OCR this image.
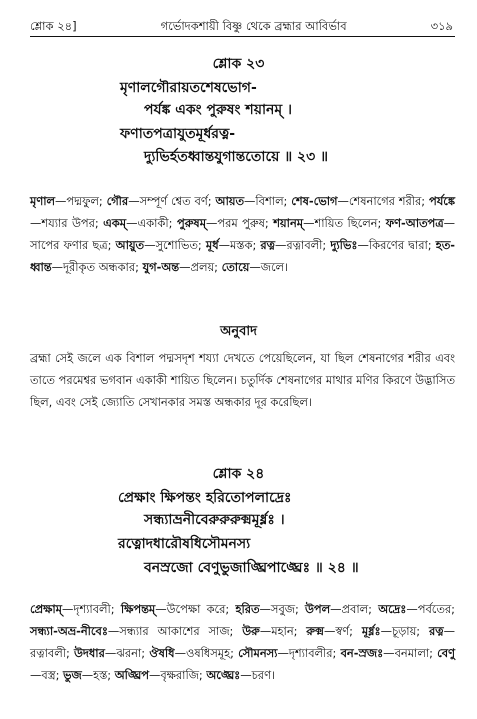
শ্লোক ২৪]	গর্ভোদকশায়ী বিষ্ণু থেকে ব্রহ্মার আবির্ভাব	৩১৯
শ্লোক ২৩
মৃণালগৌরায়তশেষভোগ-
পর্যঙ্ক একং পুরুষং শয়ানম্ ।
ফণাতপত্রাযুতমূর্ধরত্ন-
দ্যুভির্হতধ্বান্তযুগান্ততোয়ে ॥ ২৩ ॥
মৃণাল—পদ্মফুল; গৌর—সম্পূর্ণ শ্বেত বর্ণ; আয়ত—বিশাল; শেষ-ভোগ—শেষনাগের শরীর; পর্যঙ্কে—শয্যার উপর; একম্—একাকী; পুরুষম্—পরম পুরুষ; শয়ানম্—শায়িত ছিলেন; ফণ-আতপত্র—সাপের ফণার ছত্র; আয়ুত—সুশোভিত; মূর্ধ—মস্তক; রত্ন—রত্নাবলী; দ্যুভিঃ—কিরণের দ্বারা; হত-ধ্বান্ত—দূরীকৃত অন্ধকার; যুগ-অন্ত—প্রলয়; তোয়ে—জলে।
অনুবাদ
ব্রহ্মা সেই জলে এক বিশাল পদ্মসদৃশ শয্যা দেখতে পেয়েছিলেন, যা ছিল শেষনাগের শরীর এবং তাতে পরমেশ্বর ভগবান একাকী শায়িত ছিলেন। চতুর্দিক শেষনাগের মাথার মণির কিরণে উদ্ভাসিত ছিল, এবং সেই জ্যোতি সেখানকার সমস্ত অন্ধকার দূর করেছিল।
শ্লোক ২৪
প্রেক্ষাং ক্ষিপন্তং হরিতোপলাদ্রেঃ
সন্ধ্যাভ্রনীবেরুরুরুক্মমূর্ধ্নঃ ।
রত্নোদধারৌষধিসৌমনস্য
বনস্রজো বেণুভুজাঙ্ঘ্রিপাঙ্ঘ্রেঃ ॥ ২৪ ॥
প্রেক্ষাম্—দৃশ্যাবলী; ক্ষিপন্তম্—উপেক্ষা করে; হরিত—সবুজ; উপল—প্রবাল; অদ্রেঃ—পর্বতের; সন্ধ্যা-অভ্র-নীবেঃ—সন্ধ্যার আকাশের সাজ; উরু—মহান; রুক্ম—স্বর্ণ; মূর্ধ্নঃ—চূড়ায়; রত্ন—রত্নাবলী; উদধার—ঝরনা; ঔষধি—ওষধিসমূহ; সৌমনস্য—দৃশ্যাবলীর; বন-স্রজঃ—বনমালা; বেণু—বস্ত্র; ভুজ—হস্ত; অঙ্ঘ্রিপ—বৃক্ষরাজি; অঙ্ঘ্রেঃ—চরণ।
